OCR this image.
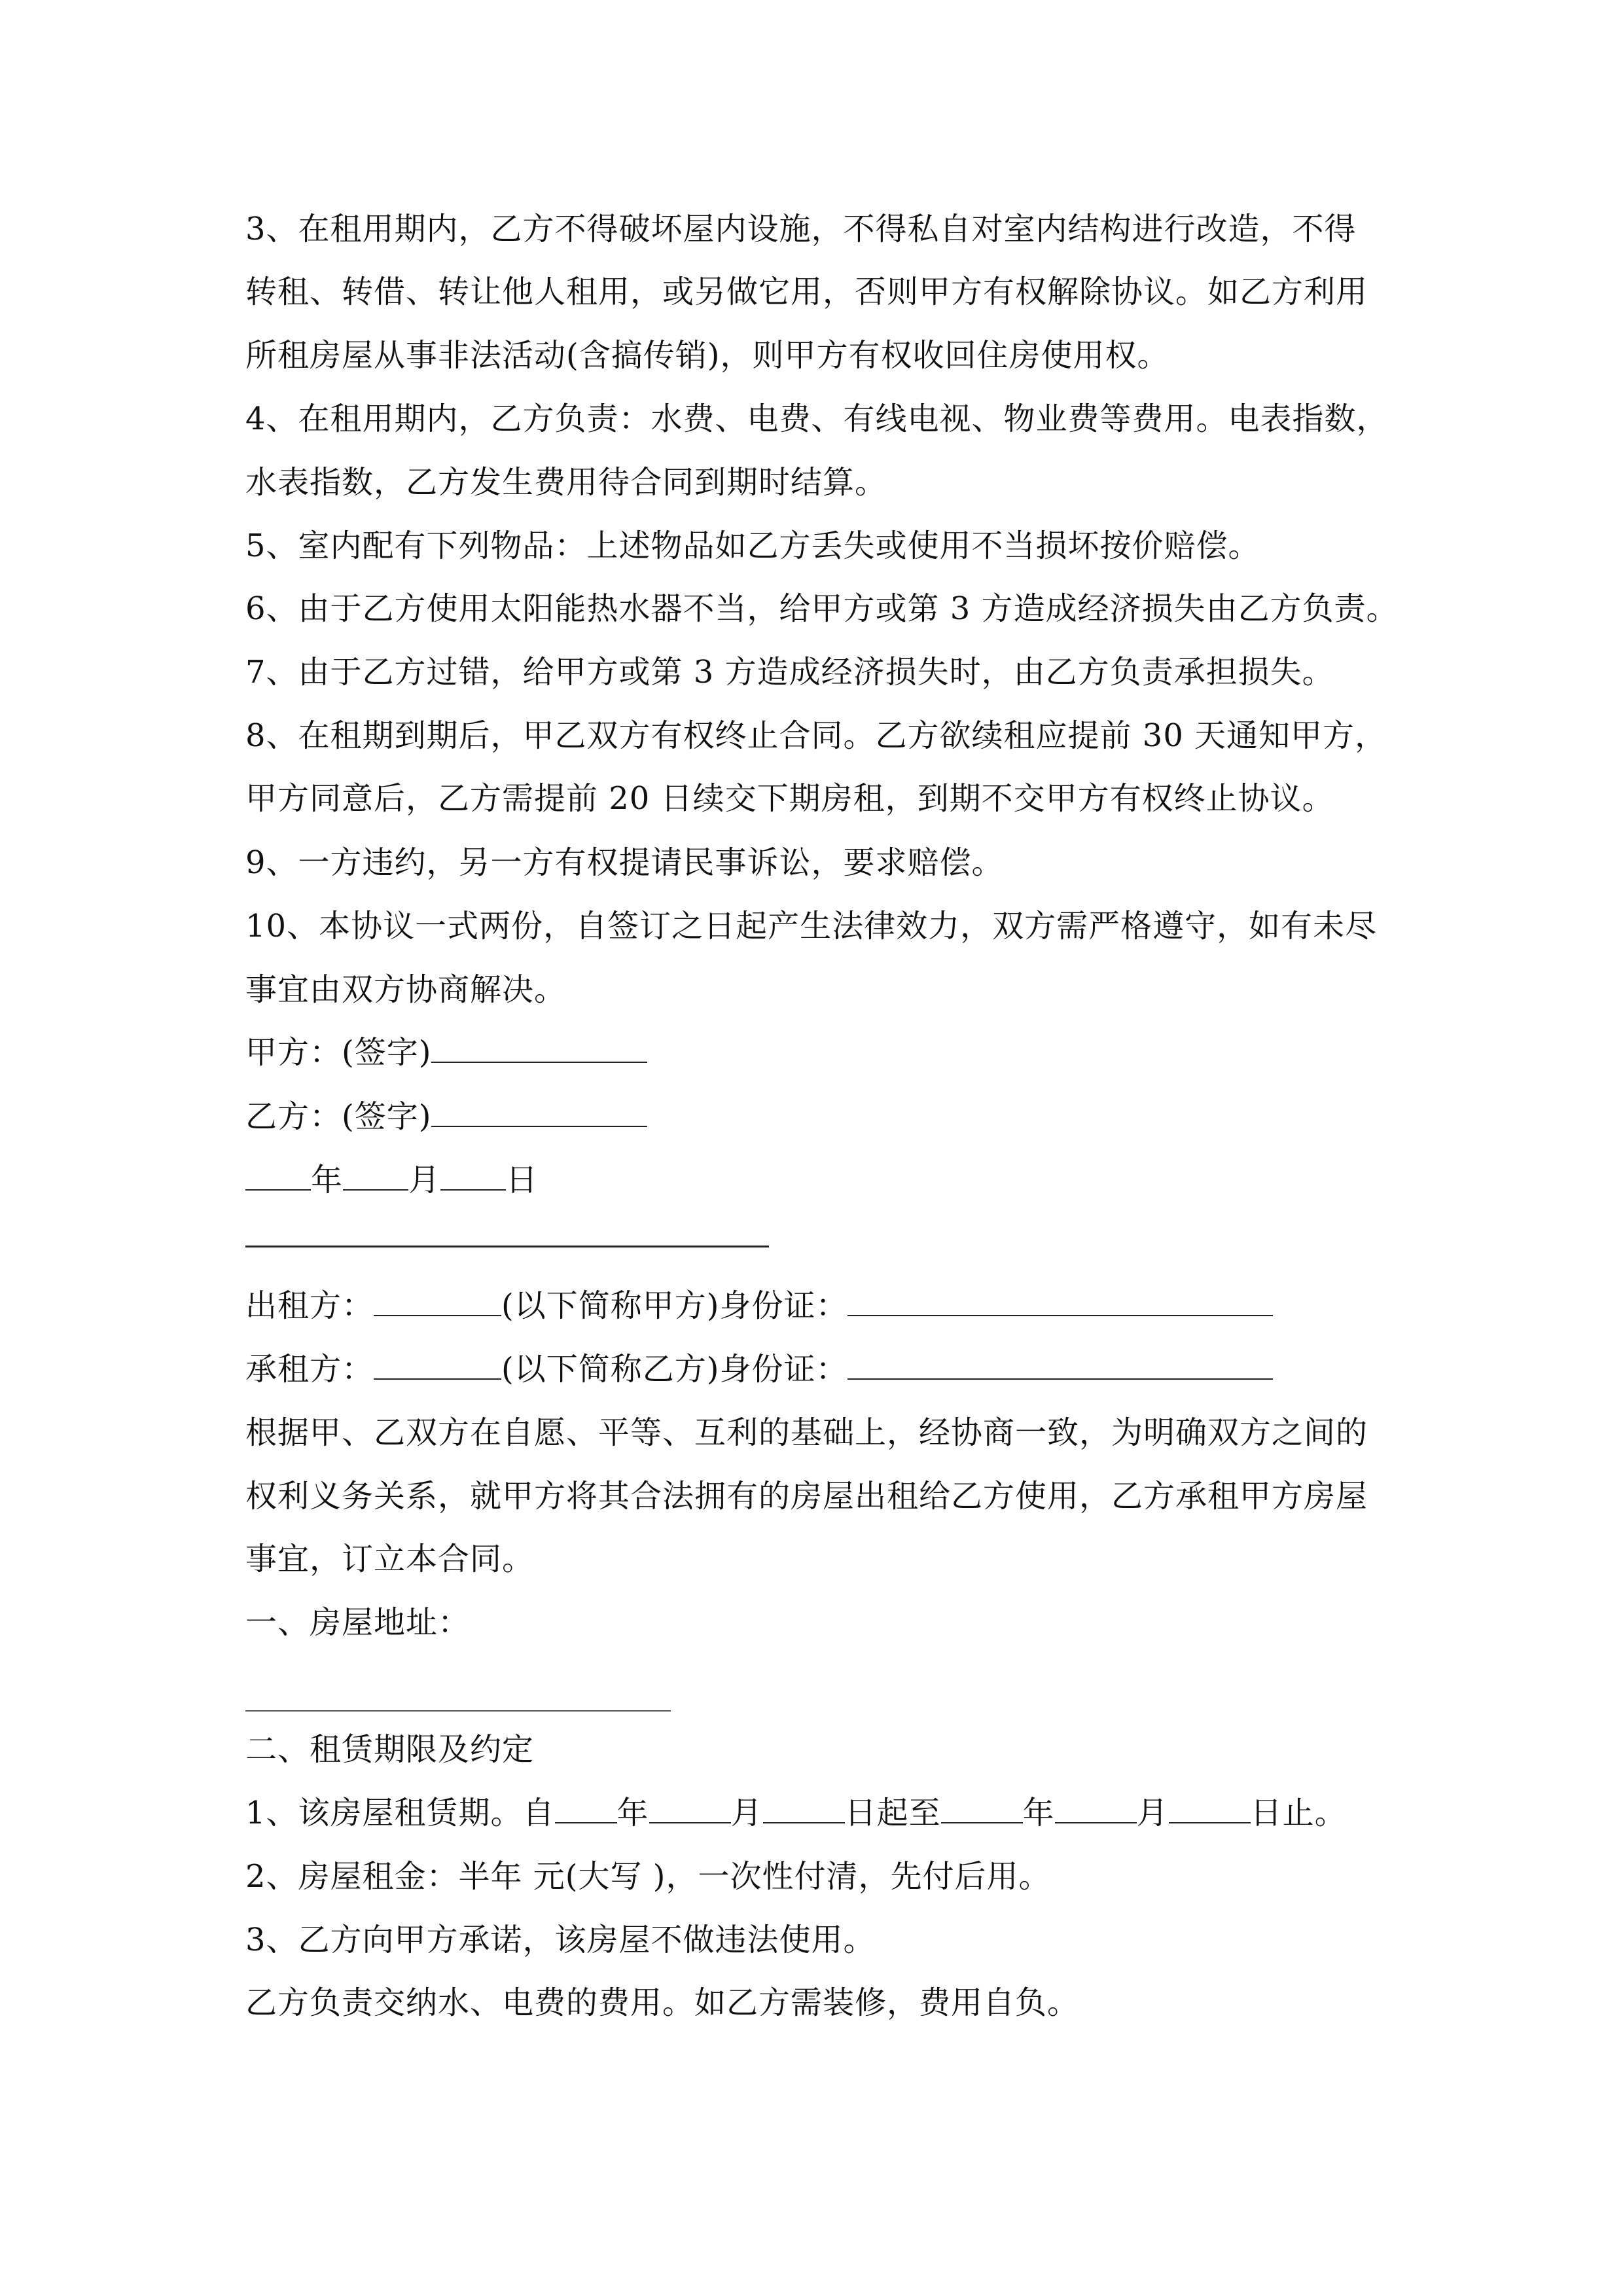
3、在租用期内，乙方不得破坏屋内设施，不得私自对室内结构进行改造，不得
转租、转借、转让他人租用，或另做它用，否则甲方有权解除协议。如乙方利用
所租房屋从事非法活动(含搞传销)，则甲方有权收回住房使用权。
4、在租用期内，乙方负责：水费、电费、有线电视、物业费等费用。电表指数，
水表指数，乙方发生费用待合同到期时结算。
5、室内配有下列物品：上述物品如乙方丢失或使用不当损坏按价赔偿。
6、由于乙方使用太阳能热水器不当，给甲方或第 3 方造成经济损失由乙方负责。
7、由于乙方过错，给甲方或第 3 方造成经济损失时，由乙方负责承担损失。
8、在租期到期后，甲乙双方有权终止合同。乙方欲续租应提前 30 天通知甲方，
甲方同意后，乙方需提前 20 日续交下期房租，到期不交甲方有权终止协议。
9、一方违约，另一方有权提请民事诉讼，要求赔偿。
10、本协议一式两份，自签订之日起产生法律效力，双方需严格遵守，如有未尽
事宜由双方协商解决。
甲方：(签字)
乙方：(签字)
年 月 日
出租方：	(以下简称甲方)身份证：
承租方：	(以下简称乙方)身份证：
根据甲、乙双方在自愿、平等、互利的基础上，经协商一致，为明确双方之间的
权利义务关系，就甲方将其合法拥有的房屋出租给乙方使用，乙方承租甲方房屋
事宜，订立本合同。
一、房屋地址：
二、租赁期限及约定
1、该房屋租赁期。自 年	月	日起至	年	月	日止。
2、房屋租金：半年 元(大写 )，一次性付清，先付后用。
3、乙方向甲方承诺，该房屋不做违法使用。
乙方负责交纳水、电费的费用。如乙方需装修，费用自负。
